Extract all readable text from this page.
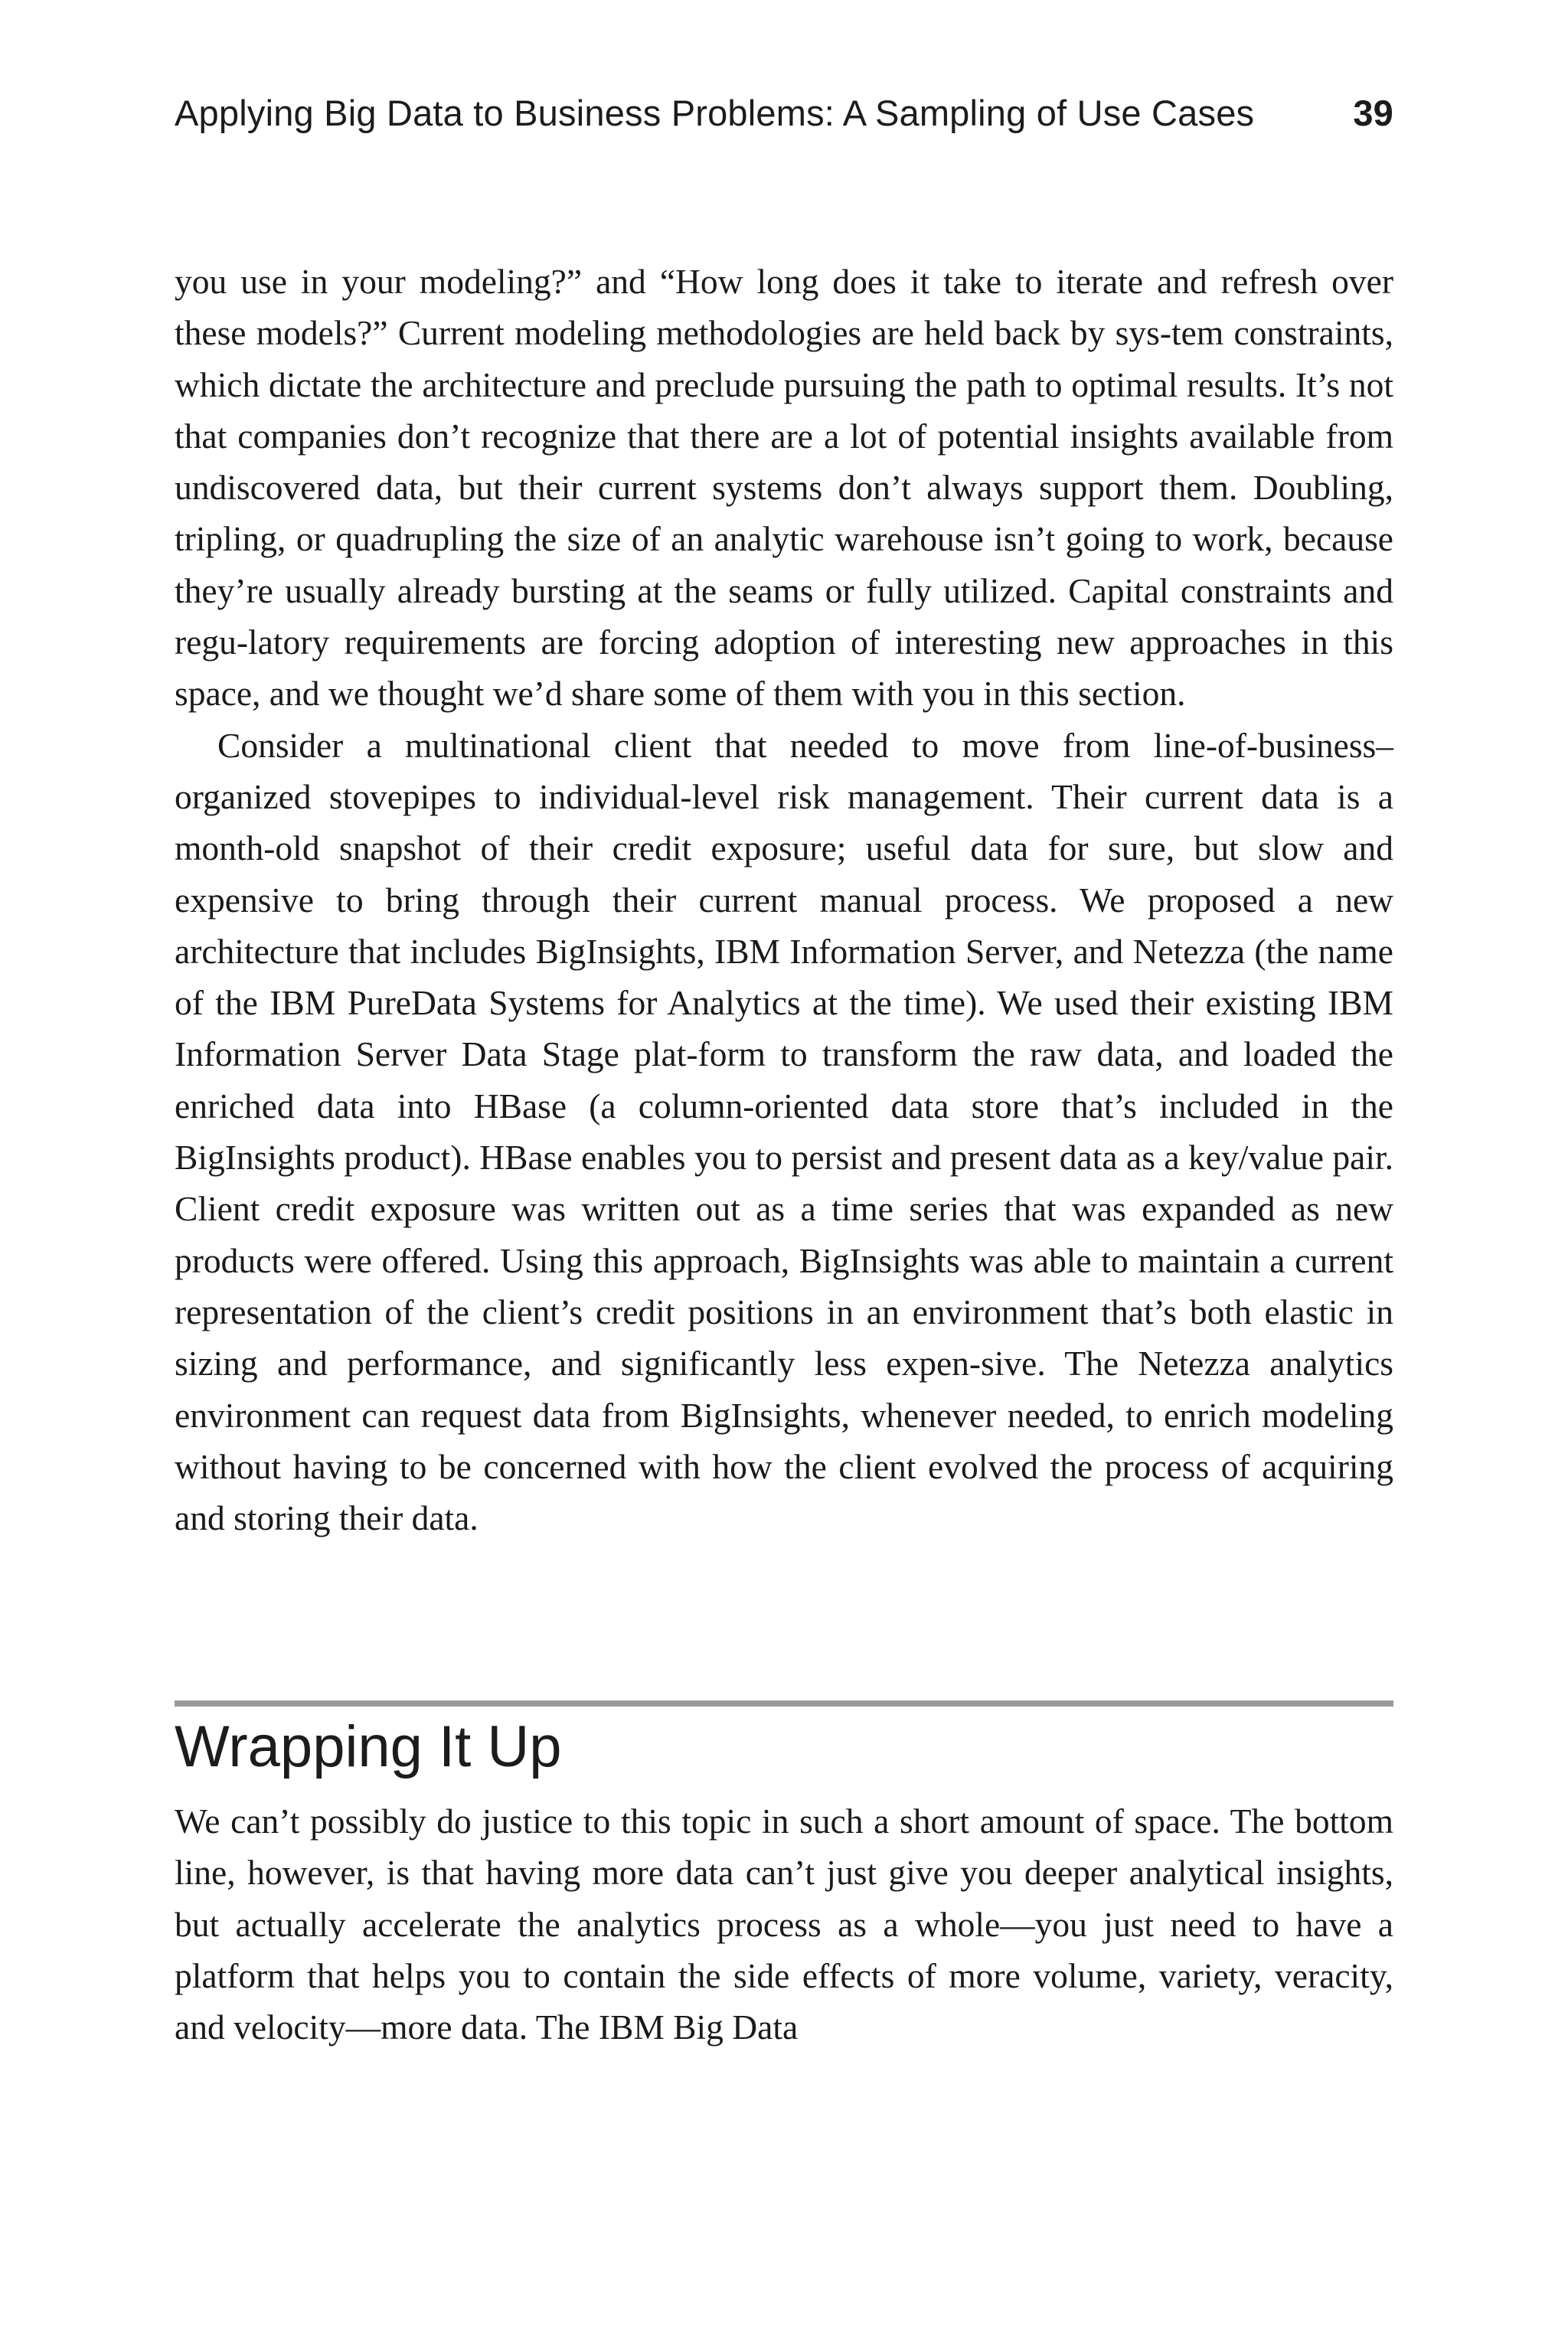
Applying Big Data to Business Problems: A Sampling of Use Cases	39

you use in your modeling?” and “How long does it take to iterate and refresh over these models?” Current modeling methodologies are held back by sys-tem constraints, which dictate the architecture and preclude pursuing the path to optimal results. It’s not that companies don’t recognize that there are a lot of potential insights available from undiscovered data, but their current systems don’t always support them. Doubling, tripling, or quadrupling the size of an analytic warehouse isn’t going to work, because they’re usually already bursting at the seams or fully utilized. Capital constraints and regu-latory requirements are forcing adoption of interesting new approaches in this space, and we thought we’d share some of them with you in this section.

Consider a multinational client that needed to move from line-of-business–organized stovepipes to individual-level risk management. Their current data is a month-old snapshot of their credit exposure; useful data for sure, but slow and expensive to bring through their current manual process. We proposed a new architecture that includes BigInsights, IBM Information Server, and Netezza (the name of the IBM PureData Systems for Analytics at the time). We used their existing IBM Information Server Data Stage plat-form to transform the raw data, and loaded the enriched data into HBase (a column-oriented data store that’s included in the BigInsights product). HBase enables you to persist and present data as a key/value pair. Client credit exposure was written out as a time series that was expanded as new products were offered. Using this approach, BigInsights was able to maintain a current representation of the client’s credit positions in an environment that’s both elastic in sizing and performance, and significantly less expen-sive. The Netezza analytics environment can request data from BigInsights, whenever needed, to enrich modeling without having to be concerned with how the client evolved the process of acquiring and storing their data.

Wrapping It Up

We can’t possibly do justice to this topic in such a short amount of space. The bottom line, however, is that having more data can’t just give you deeper analytical insights, but actually accelerate the analytics process as a whole—you just need to have a platform that helps you to contain the side effects of more volume, variety, veracity, and velocity—more data. The IBM Big Data
